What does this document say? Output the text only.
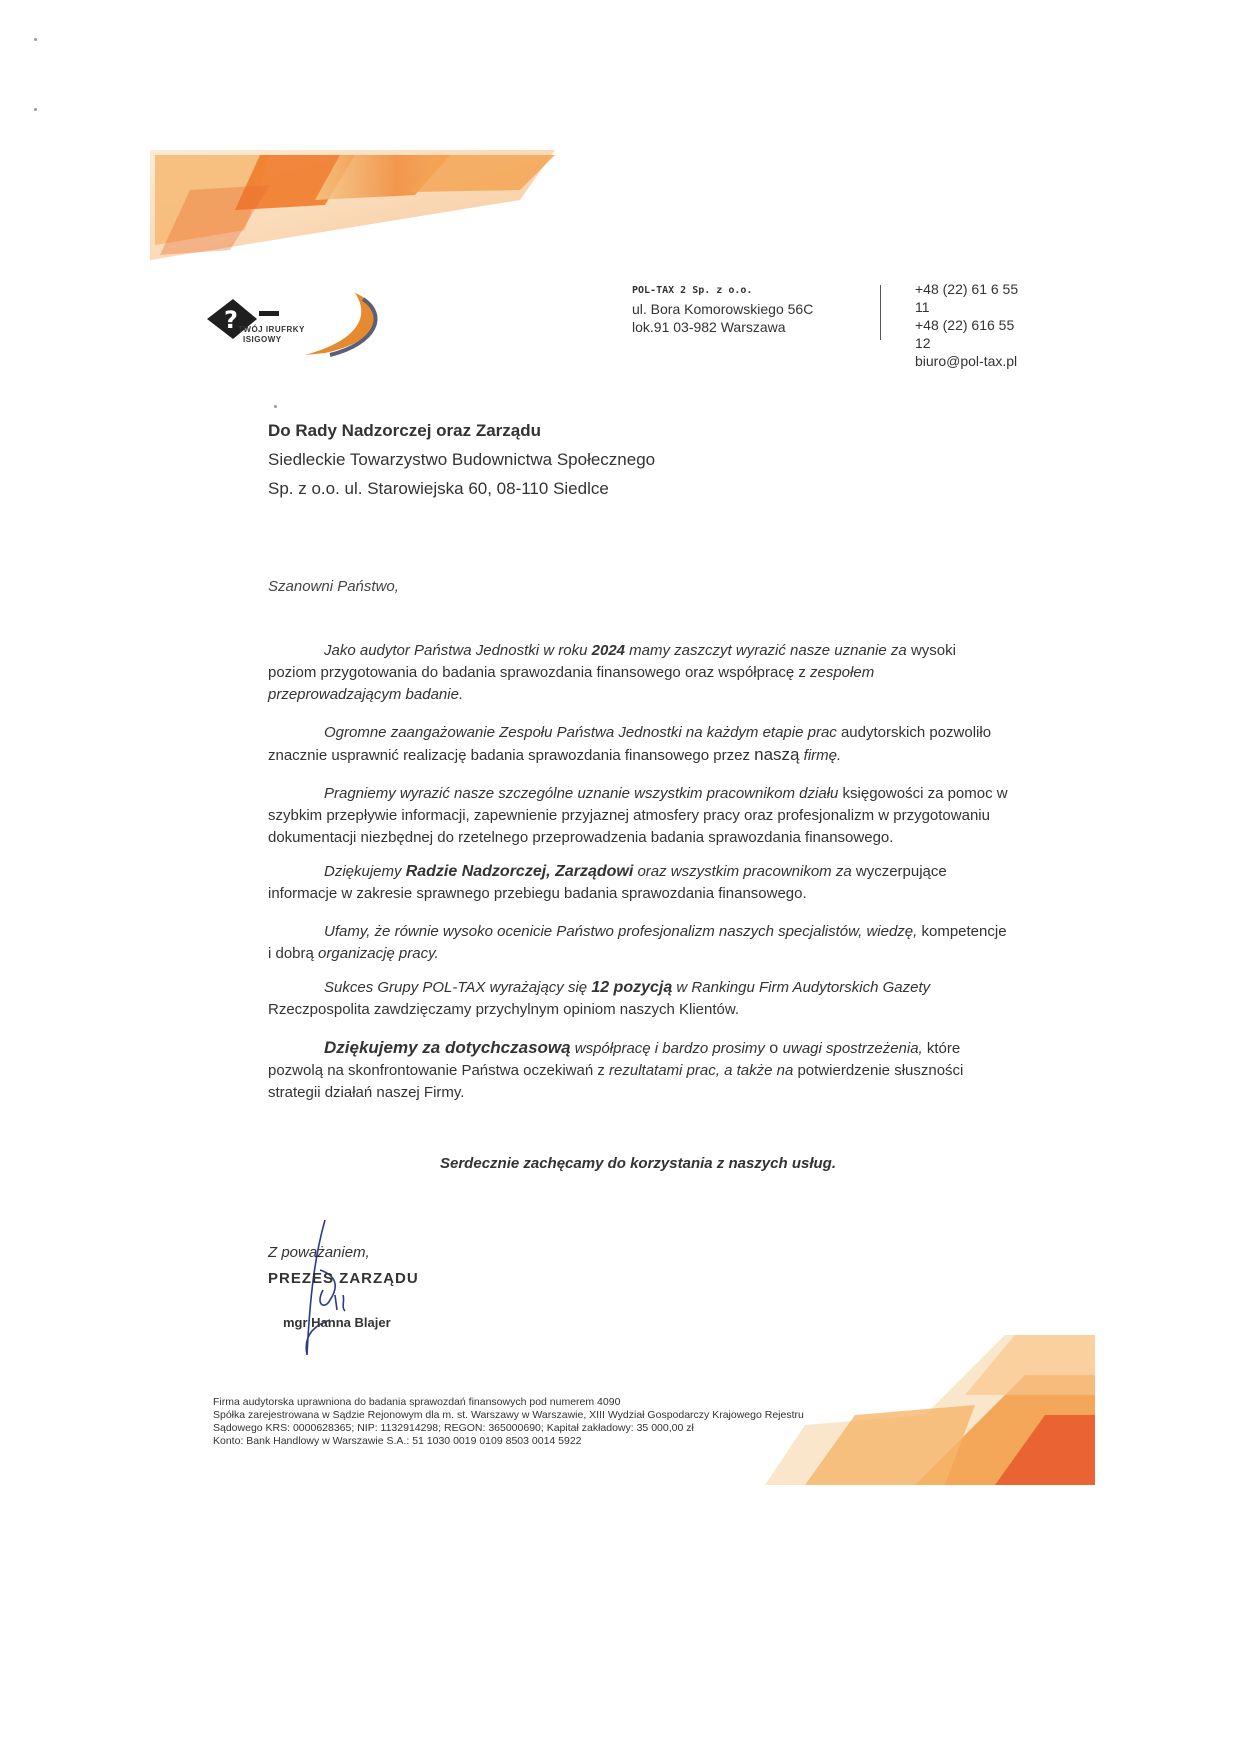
? TWÓJ IRUFRKY
ISIGOWY
POL-TAX 2 Sp. z o.o.
ul. Bora Komorowskiego 56C
lok.91 03-982 Warszawa
+48 (22) 61 6 55 11
+48 (22) 616 55 12
biuro@pol-tax.pl
Do Rady Nadzorczej oraz Zarządu
Siedleckie Towarzystwo Budownictwa Społecznego
Sp. z o.o. ul. Starowiejska 60, 08-110 Siedlce
Szanowni Państwo,

Jako audytor Państwa Jednostki w roku 2024 mamy zaszczyt wyrazić nasze uznanie za wysoki poziom przygotowania do badania sprawozdania finansowego oraz współpracę z zespołem przeprowadzającym badanie.

Ogromne zaangażowanie Zespołu Państwa Jednostki na każdym etapie prac audytorskich pozwoliło znacznie usprawnić realizację badania sprawozdania finansowego przez naszą firmę.

Pragniemy wyrazić nasze szczególne uznanie wszystkim pracownikom działu księgowości za pomoc w szybkim przepływie informacji, zapewnienie przyjaznej atmosfery pracy oraz profesjonalizm w przygotowaniu dokumentacji niezbędnej do rzetelnego przeprowadzenia badania sprawozdania finansowego.

Dziękujemy Radzie Nadzorczej, Zarządowi oraz wszystkim pracownikom za wyczerpujące informacje w zakresie sprawnego przebiegu badania sprawozdania finansowego.

Ufamy, że równie wysoko ocenicie Państwo profesjonalizm naszych specjalistów, wiedzę, kompetencje i dobrą organizację pracy.

Sukces Grupy POL-TAX wyrażający się 12 pozycją w Rankingu Firm Audytorskich Gazety Rzeczpospolita zawdzięczamy przychylnym opiniom naszych Klientów.

Dziękujemy za dotychczasową współpracę i bardzo prosimy o uwagi spostrzeżenia, które pozwolą na skonfrontowanie Państwa oczekiwań z rezultatami prac, a także na potwierdzenie słuszności strategii działań naszej Firmy.

Serdecznie zachęcamy do korzystania z naszych usług.
Z poważaniem,
PREZES ZARZĄDU
mgr Hanna Blajer
Firma audytorska uprawniona do badania sprawozdań finansowych pod numerem 4090
Spółka zarejestrowana w Sądzie Rejonowym dla m. st. Warszawy w Warszawie, XIII Wydział Gospodarczy Krajowego Rejestru
Sądowego KRS: 0000628365; NIP: 1132914298; REGON: 365000690; Kapitał zakładowy: 35 000,00 zł
Konto: Bank Handlowy w Warszawie S.A.: 51 1030 0019 0109 8503 0014 5922
